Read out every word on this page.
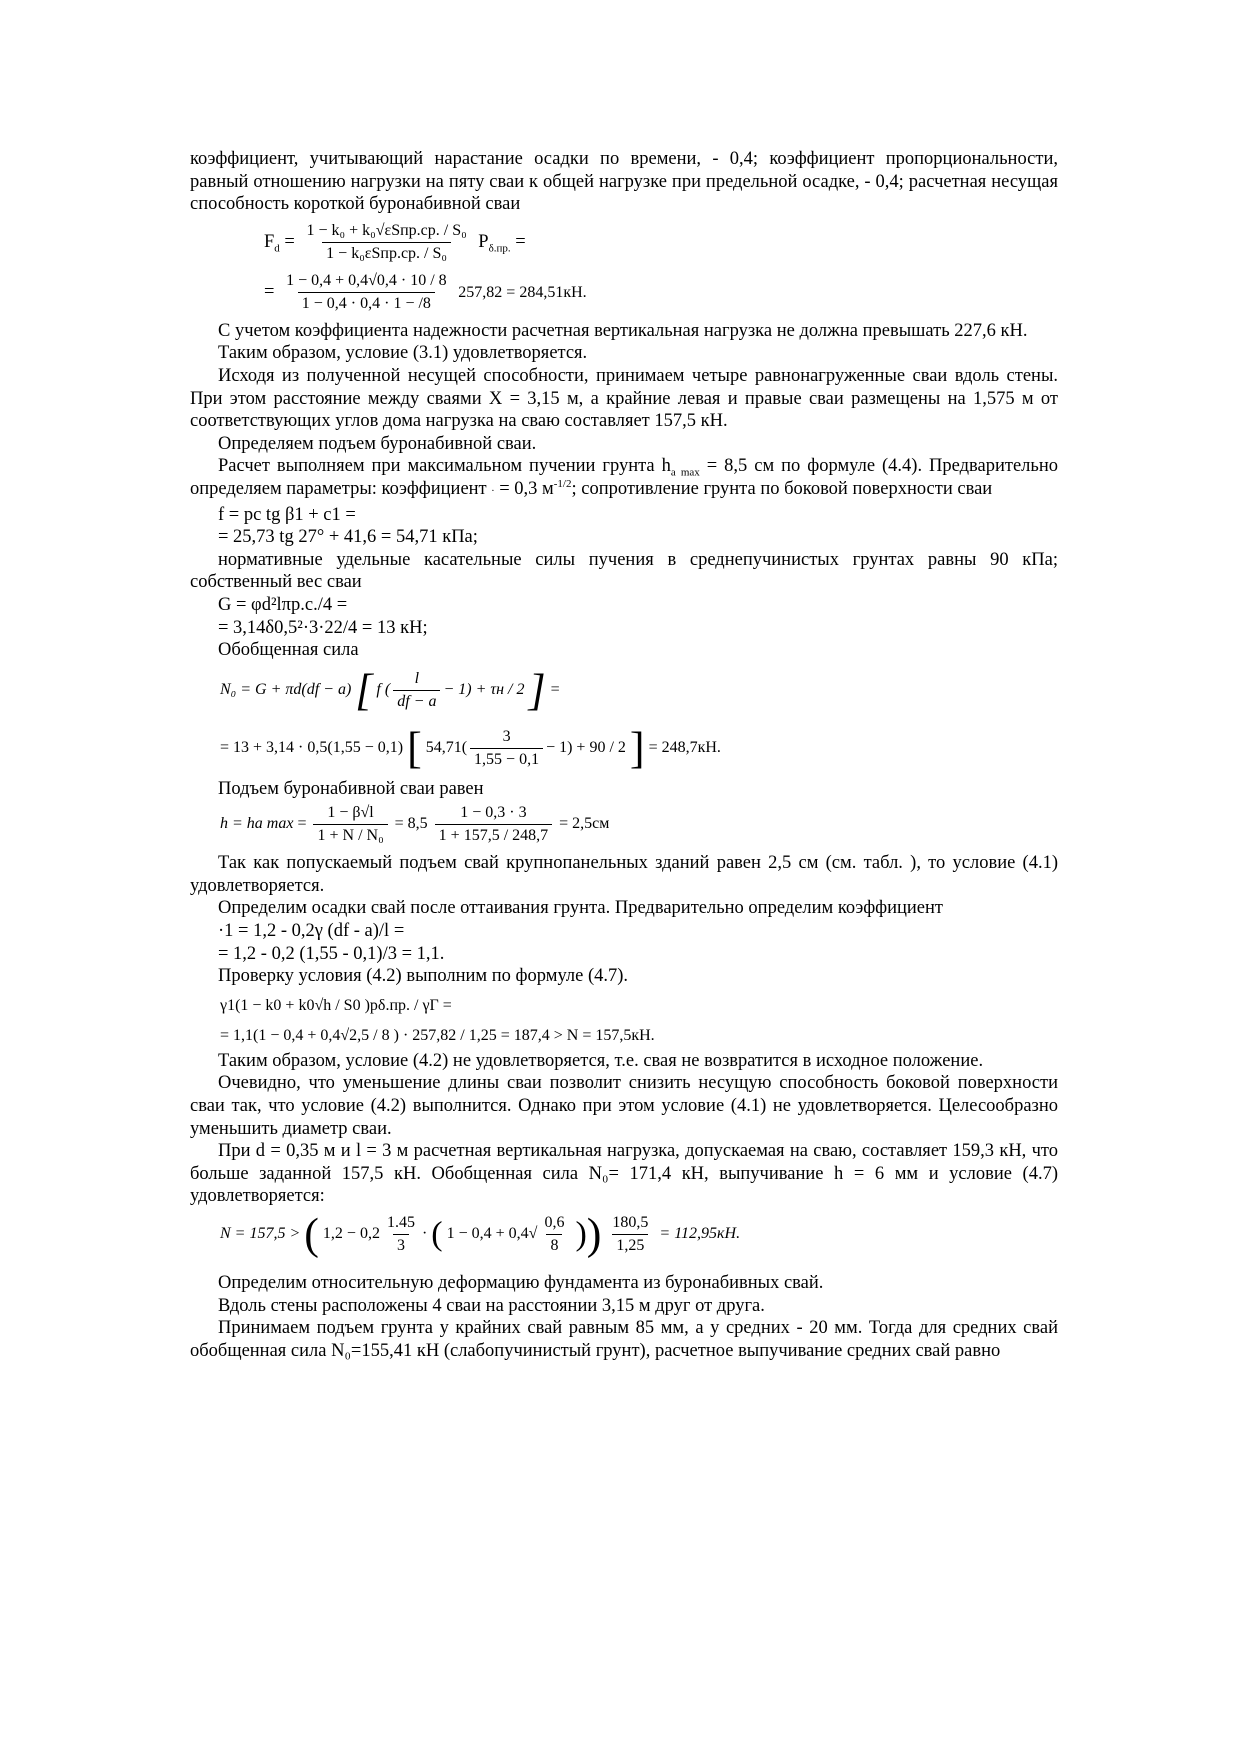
коэффициент, учитывающий нарастание осадки по времени, - 0,4; коэффициент пропорциональности, равный отношению нагрузки на пяту сваи к общей нагрузке при предельной осадке, - 0,4; расчетная несущая способность короткой буронабивной сваи

$F_d = \frac{\text{1 − k₀ + k₀√εSпр.ср. / S₀}}{\text{1 − k₀εSпр.ср. / S₀}} P_{\delta.пр.}$ =
= $\frac{1 - 0,4 + 0,4√0,4 \cdot 10 / 8}{1 - 0,4 \cdot 0,4 \cdot 1 - /8} 257,82 = 284,51кН$.

С учетом коэффициента надежности расчетная вертикальная нагрузка не должна превышать 227,6 кН.

Таким образом, условие (3.1) удовлетворяется.

Исходя из полученной несущей способности, принимаем четыре равнонагруженные сваи вдоль стены. При этом расстояние между сваями X = 3,15 м, а крайние левая и правые сваи размещены на 1,575 м от соответствующих углов дома нагрузка на сваю составляет 157,5 кН.

Определяем подъем буронабивной сваи.

Расчет выполняем при максимальном пучении грунта $h_{a max} = 8,5$ см по формуле (4.4). Предварительно определяем параметры: коэффициент · = 0,3 $м^{-1/2}$; сопротивление грунта по боковой поверхности сваи

f = pc tg β1 + c1 =

= 25,73 tg 27° + 41,6 = 54,71 кПа;

нормативные удельные касательные силы пучения в среднепучинистых грунтах равны 90 кПа; собственный вес сваи

G = φd²lπр.с./4 =

= 3,14δ0,5²·3·22/4 = 13 кН;

Обобщенная сила

N₀ = G + πd(df − a) [ f ( $\frac{l}{df - a} - 1) + \tau н / 2$ ] =
= 13 + 3,14 · 0,5(1,55 − 0,1) [ $54,71( \frac{3}{1,55 - 0,1} - 1) + 90 / 2$ ] = 248,7кН.

Подъем буронабивной сваи равен

h = ha $\max = \frac{1 - \beta√l}{\text{1 + N / N₀}} = 8,5 \frac{1 - 0,3 \cdot 3}{1 + 157,5 / 248,7} = 2,5см$

Так как попускаемый подъем свай крупнопанельных зданий равен 2,5 см (см. табл. ), то условие (4.1) удовлетворяется.

Определим осадки свай после оттаивания грунта. Предварительно определим коэффициент

·1 = 1,2 - 0,2γ (df - a)/l =

= 1,2 - 0,2 (1,55 - 0,1)/3 = 1,1.

Проверку условия (4.2) выполним по формуле (4.7).

γ1(1 − k0 + k0√h / S0 )pδ.пр. / γГ =
= 1,1(1 − 0,4 + 0,4√2,5 / 8 ) · 257,82 / 1,25 = 187,4 > N = 157,5кН.

Таким образом, условие (4.2) не удовлетворяется, т.е. свая не возвратится в исходное положение.

Очевидно, что уменьшение длины сваи позволит снизить несущую способность боковой поверхности сваи так, что условие (4.2) выполнится. Однако при этом условие (4.1) не удовлетворяется. Целесообразно уменьшить диаметр сваи.

При d = 0,35 м и l = 3 м расчетная вертикальная нагрузка, допускаемая на сваю, составляет 159,3 кН, что больше заданной 157,5 кН. Обобщенная сила N₀= 171,4 кН, выпучивание h = 6 мм и условие (4.7) удовлетворяется:

N = 157,5 > ( $1,2 - 0,2 \frac{1.45}{3}$ · ( $1 - 0,4 + 0,4√ \frac{0,6}{8}$ )) $\frac{180,5}{1,25} = 112,95кН$.

Определим относительную деформацию фундамента из буронабивных свай.

Вдоль стены расположены 4 сваи на расстоянии 3,15 м друг от друга.

Принимаем подъем грунта у крайних свай равным 85 мм, а у средних - 20 мм. Тогда для средних свай обобщенная сила N₀=155,41 кН (слабопучинистый грунт), расчетное выпучивание средних свай равно
